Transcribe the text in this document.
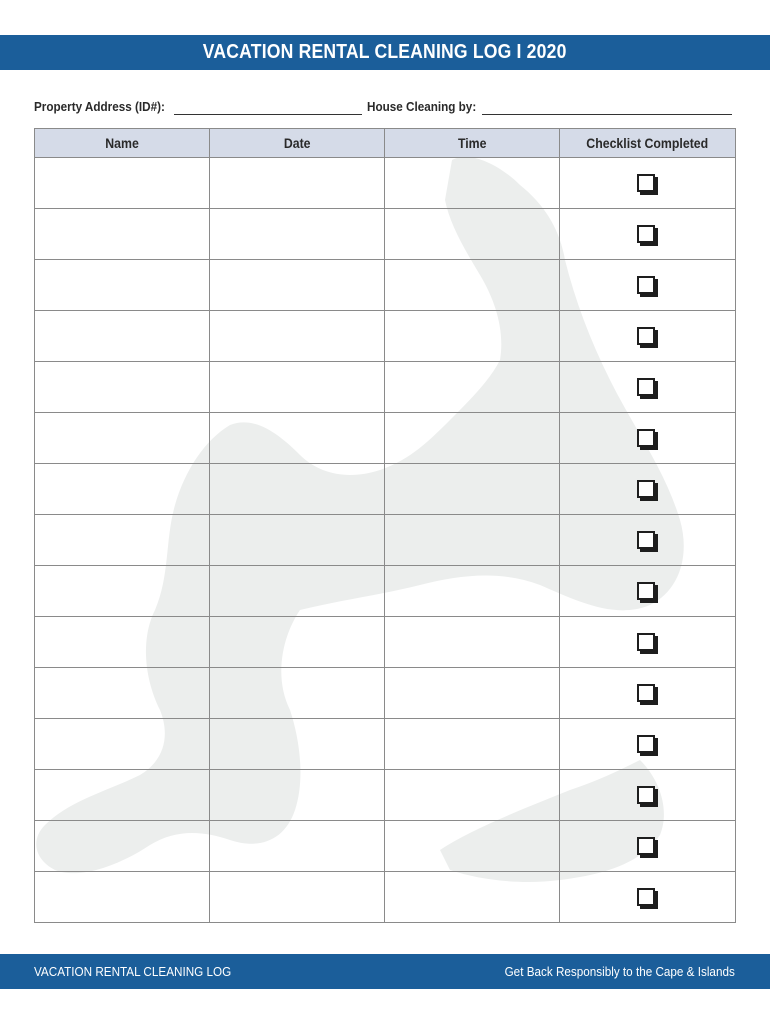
VACATION RENTAL CLEANING LOG I 2020
Property Address (ID#):	House Cleaning by:
Name	Date	Time	Checklist Completed

VACATION RENTAL CLEANING LOG	Get Back Responsibly to the Cape & Islands
